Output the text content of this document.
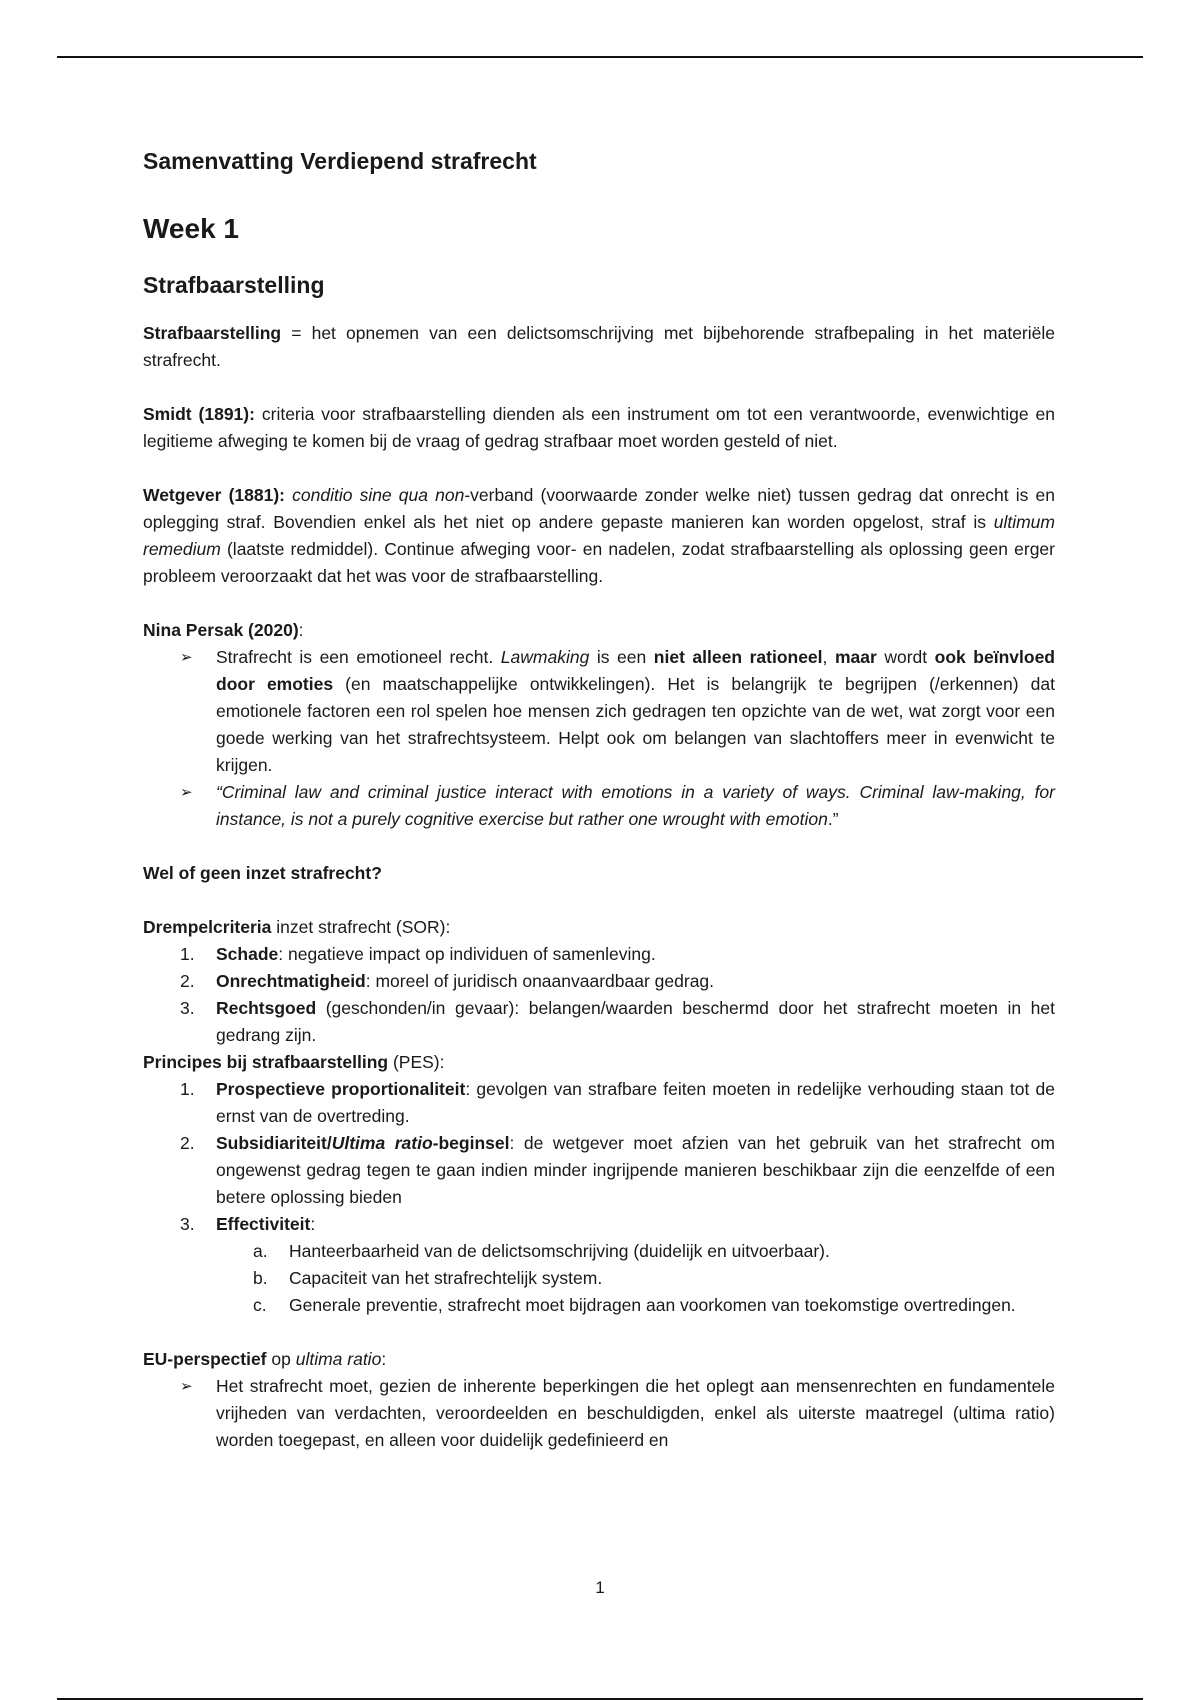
Samenvatting Verdiepend strafrecht
Week 1
Strafbaarstelling

Strafbaarstelling = het opnemen van een delictsomschrijving met bijbehorende strafbepaling in het materiële strafrecht.

Smidt (1891): criteria voor strafbaarstelling dienden als een instrument om tot een verantwoorde, evenwichtige en legitieme afweging te komen bij de vraag of gedrag strafbaar moet worden gesteld of niet.

Wetgever (1881): conditio sine qua non-verband (voorwaarde zonder welke niet) tussen gedrag dat onrecht is en oplegging straf. Bovendien enkel als het niet op andere gepaste manieren kan worden opgelost, straf is ultimum remedium (laatste redmiddel). Continue afweging voor- en nadelen, zodat strafbaarstelling als oplossing geen erger probleem veroorzaakt dat het was voor de strafbaarstelling.

Nina Persak (2020):

➢ Strafrecht is een emotioneel recht. Lawmaking is een niet alleen rationeel, maar wordt ook beïnvloed door emoties (en maatschappelijke ontwikkelingen). Het is belangrijk te begrijpen (/erkennen) dat emotionele factoren een rol spelen hoe mensen zich gedragen ten opzichte van de wet, wat zorgt voor een goede werking van het strafrechtsysteem. Helpt ook om belangen van slachtoffers meer in evenwicht te krijgen.
➢ “Criminal law and criminal justice interact with emotions in a variety of ways. Criminal law-making, for instance, is not a purely cognitive exercise but rather one wrought with emotion.”

Wel of geen inzet strafrecht?

Drempelcriteria inzet strafrecht (SOR):

1. Schade: negatieve impact op individuen of samenleving.
2. Onrechtmatigheid: moreel of juridisch onaanvaardbaar gedrag.
3. Rechtsgoed (geschonden/in gevaar): belangen/waarden beschermd door het strafrecht moeten in het gedrang zijn.

Principes bij strafbaarstelling (PES):

1. Prospectieve proportionaliteit: gevolgen van strafbare feiten moeten in redelijke verhouding staan tot de ernst van de overtreding.
2. Subsidiariteit/Ultima ratio-beginsel: de wetgever moet afzien van het gebruik van het strafrecht om ongewenst gedrag tegen te gaan indien minder ingrijpende manieren beschikbaar zijn die eenzelfde of een betere oplossing bieden
3. Effectiviteit:
a. Hanteerbaarheid van de delictsomschrijving (duidelijk en uitvoerbaar).
b. Capaciteit van het strafrechtelijk system.
c. Generale preventie, strafrecht moet bijdragen aan voorkomen van toekomstige overtredingen.

EU-perspectief op ultima ratio:

➢ Het strafrecht moet, gezien de inherente beperkingen die het oplegt aan mensenrechten en fundamentele vrijheden van verdachten, veroordeelden en beschuldigden, enkel als uiterste maatregel (ultima ratio) worden toegepast, en alleen voor duidelijk gedefinieerd en
1
